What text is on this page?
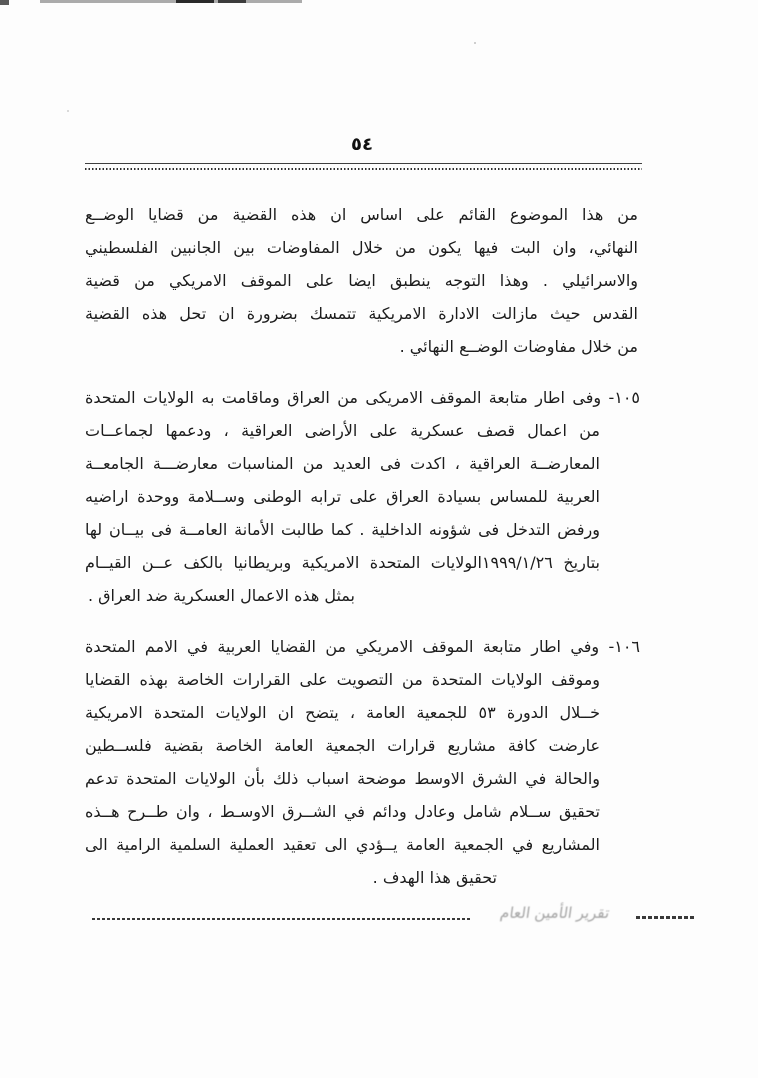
٥٤
من هذا الموضوع القائم على اساس ان هذه القضية من قضايا الوضــع
النهائي، وان البت فيها يكون من خلال المفاوضات بين الجانبين الفلسطيني
والاسرائيلي . وهذا التوجه ينطبق ايضا على الموقف الامريكي من قضية
القدس حيث مازالت الادارة الامريكية تتمسك بضرورة ان تحل هذه القضية
من خلال مفاوضات الوضــع النهائي .
١٠٥- وفى اطار متابعة الموقف الامريكى من العراق وماقامت به الولايات المتحدة
من اعمال قصف عسكرية على الأراضى العراقية ، ودعمها لجماعــات
المعارضــة العراقية ، اكدت فى العديد من المناسبات معارضـــة الجامعــة
العربية للمساس بسيادة العراق على ترابه الوطنى وســلامة ووحدة اراضيه
ورفض التدخل فى شؤونه الداخلية . كما طالبت الأمانة العامــة فى بيــان لها
بتاريخ ١٩٩٩/١/٢٦الولايات المتحدة الامريكية وبريطانيا بالكف عــن القيــام
بمثل هذه الاعمال العسكرية ضد العراق .
١٠٦- وفي اطار متابعة الموقف الامريكي من القضايا العربية في الامم المتحدة
وموقف الولايات المتحدة من التصويت على القرارات الخاصة بهذه القضايا
خــلال الدورة ٥٣ للجمعية العامة ، يتضح ان الولايات المتحدة الامريكية
عارضت كافة مشاريع قرارات الجمعية العامة الخاصة بقضية فلســطين
والحالة في الشرق الاوسط موضحة اسباب ذلك بأن الولايات المتحدة تدعم
تحقيق ســلام شامل وعادل ودائم في الشــرق الاوسـط ، وان طــرح هــذه
المشاريع في الجمعية العامة يــؤدي الى تعقيد العملية السلمية الرامية الى
تحقيق هذا الهدف .
تقرير الأمين العام
